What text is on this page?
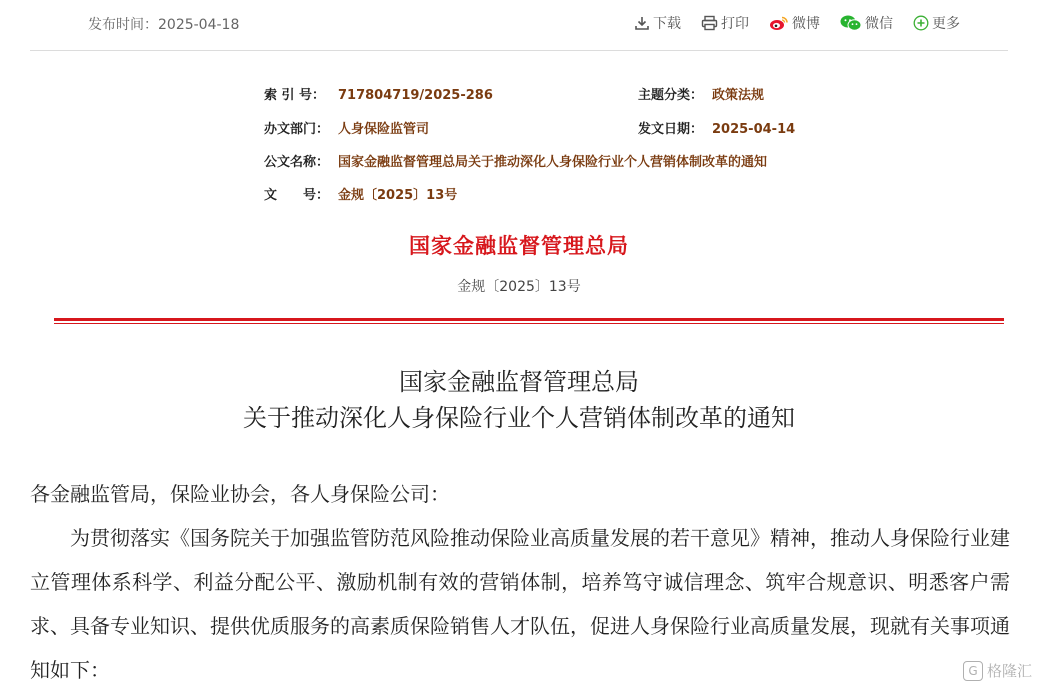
发布时间：2025-04-18	下载	打印	微博	微信	更多
索 引 号： 717804719/2025-286	主题分类： 政策法规
办文部门： 人身保险监管司	发文日期： 2025-04-14
公文名称： 国家金融监督管理总局关于推动深化人身保险行业个人营销体制改革的通知
文　　号： 金规〔2025〕13号
国家金融监督管理总局
金规〔2025〕13号
国家金融监督管理总局
关于推动深化人身保险行业个人营销体制改革的通知

各金融监管局，保险业协会，各人身保险公司：

为贯彻落实《国务院关于加强监管防范风险推动保险业高质量发展的若干意见》精神，推动人身保险行业建立管理体系科学、利益分配公平、激励机制有效的营销体制，培养笃守诚信理念、筑牢合规意识、明悉客户需求、具备专业知识、提供优质服务的高素质保险销售人才队伍，促进人身保险行业高质量发展，现就有关事项通知如下：	G 格隆汇
